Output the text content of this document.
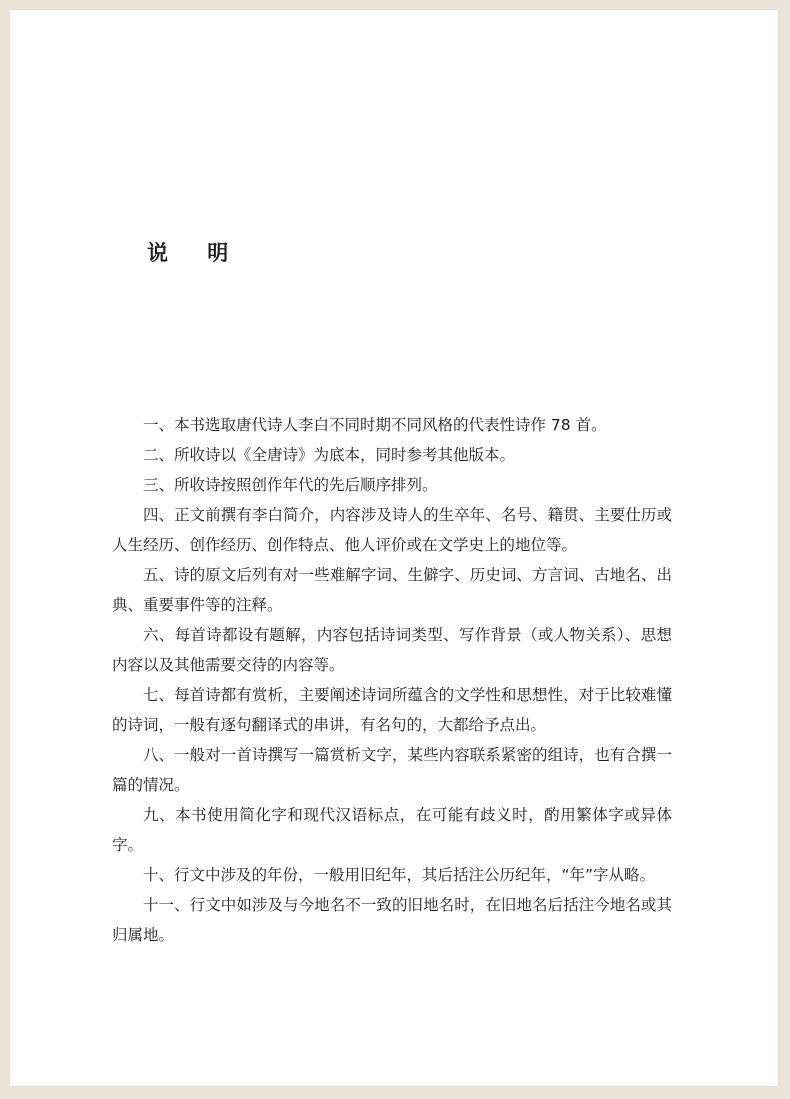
说 明

一、本书选取唐代诗人李白不同时期不同风格的代表性诗作 78 首。

二、所收诗以《全唐诗》为底本，同时参考其他版本。

三、所收诗按照创作年代的先后顺序排列。

四、正文前撰有李白简介，内容涉及诗人的生卒年、名号、籍贯、主要仕历或人生经历、创作经历、创作特点、他人评价或在文学史上的地位等。

五、诗的原文后列有对一些难解字词、生僻字、历史词、方言词、古地名、出典、重要事件等的注释。

六、每首诗都设有题解，内容包括诗词类型、写作背景（或人物关系）、思想内容以及其他需要交待的内容等。

七、每首诗都有赏析，主要阐述诗词所蕴含的文学性和思想性，对于比较难懂的诗词，一般有逐句翻译式的串讲，有名句的，大都给予点出。

八、一般对一首诗撰写一篇赏析文字，某些内容联系紧密的组诗，也有合撰一篇的情况。

九、本书使用简化字和现代汉语标点，在可能有歧义时，酌用繁体字或异体字。

十、行文中涉及的年份，一般用旧纪年，其后括注公历纪年，“年”字从略。

十一、行文中如涉及与今地名不一致的旧地名时，在旧地名后括注今地名或其归属地。
